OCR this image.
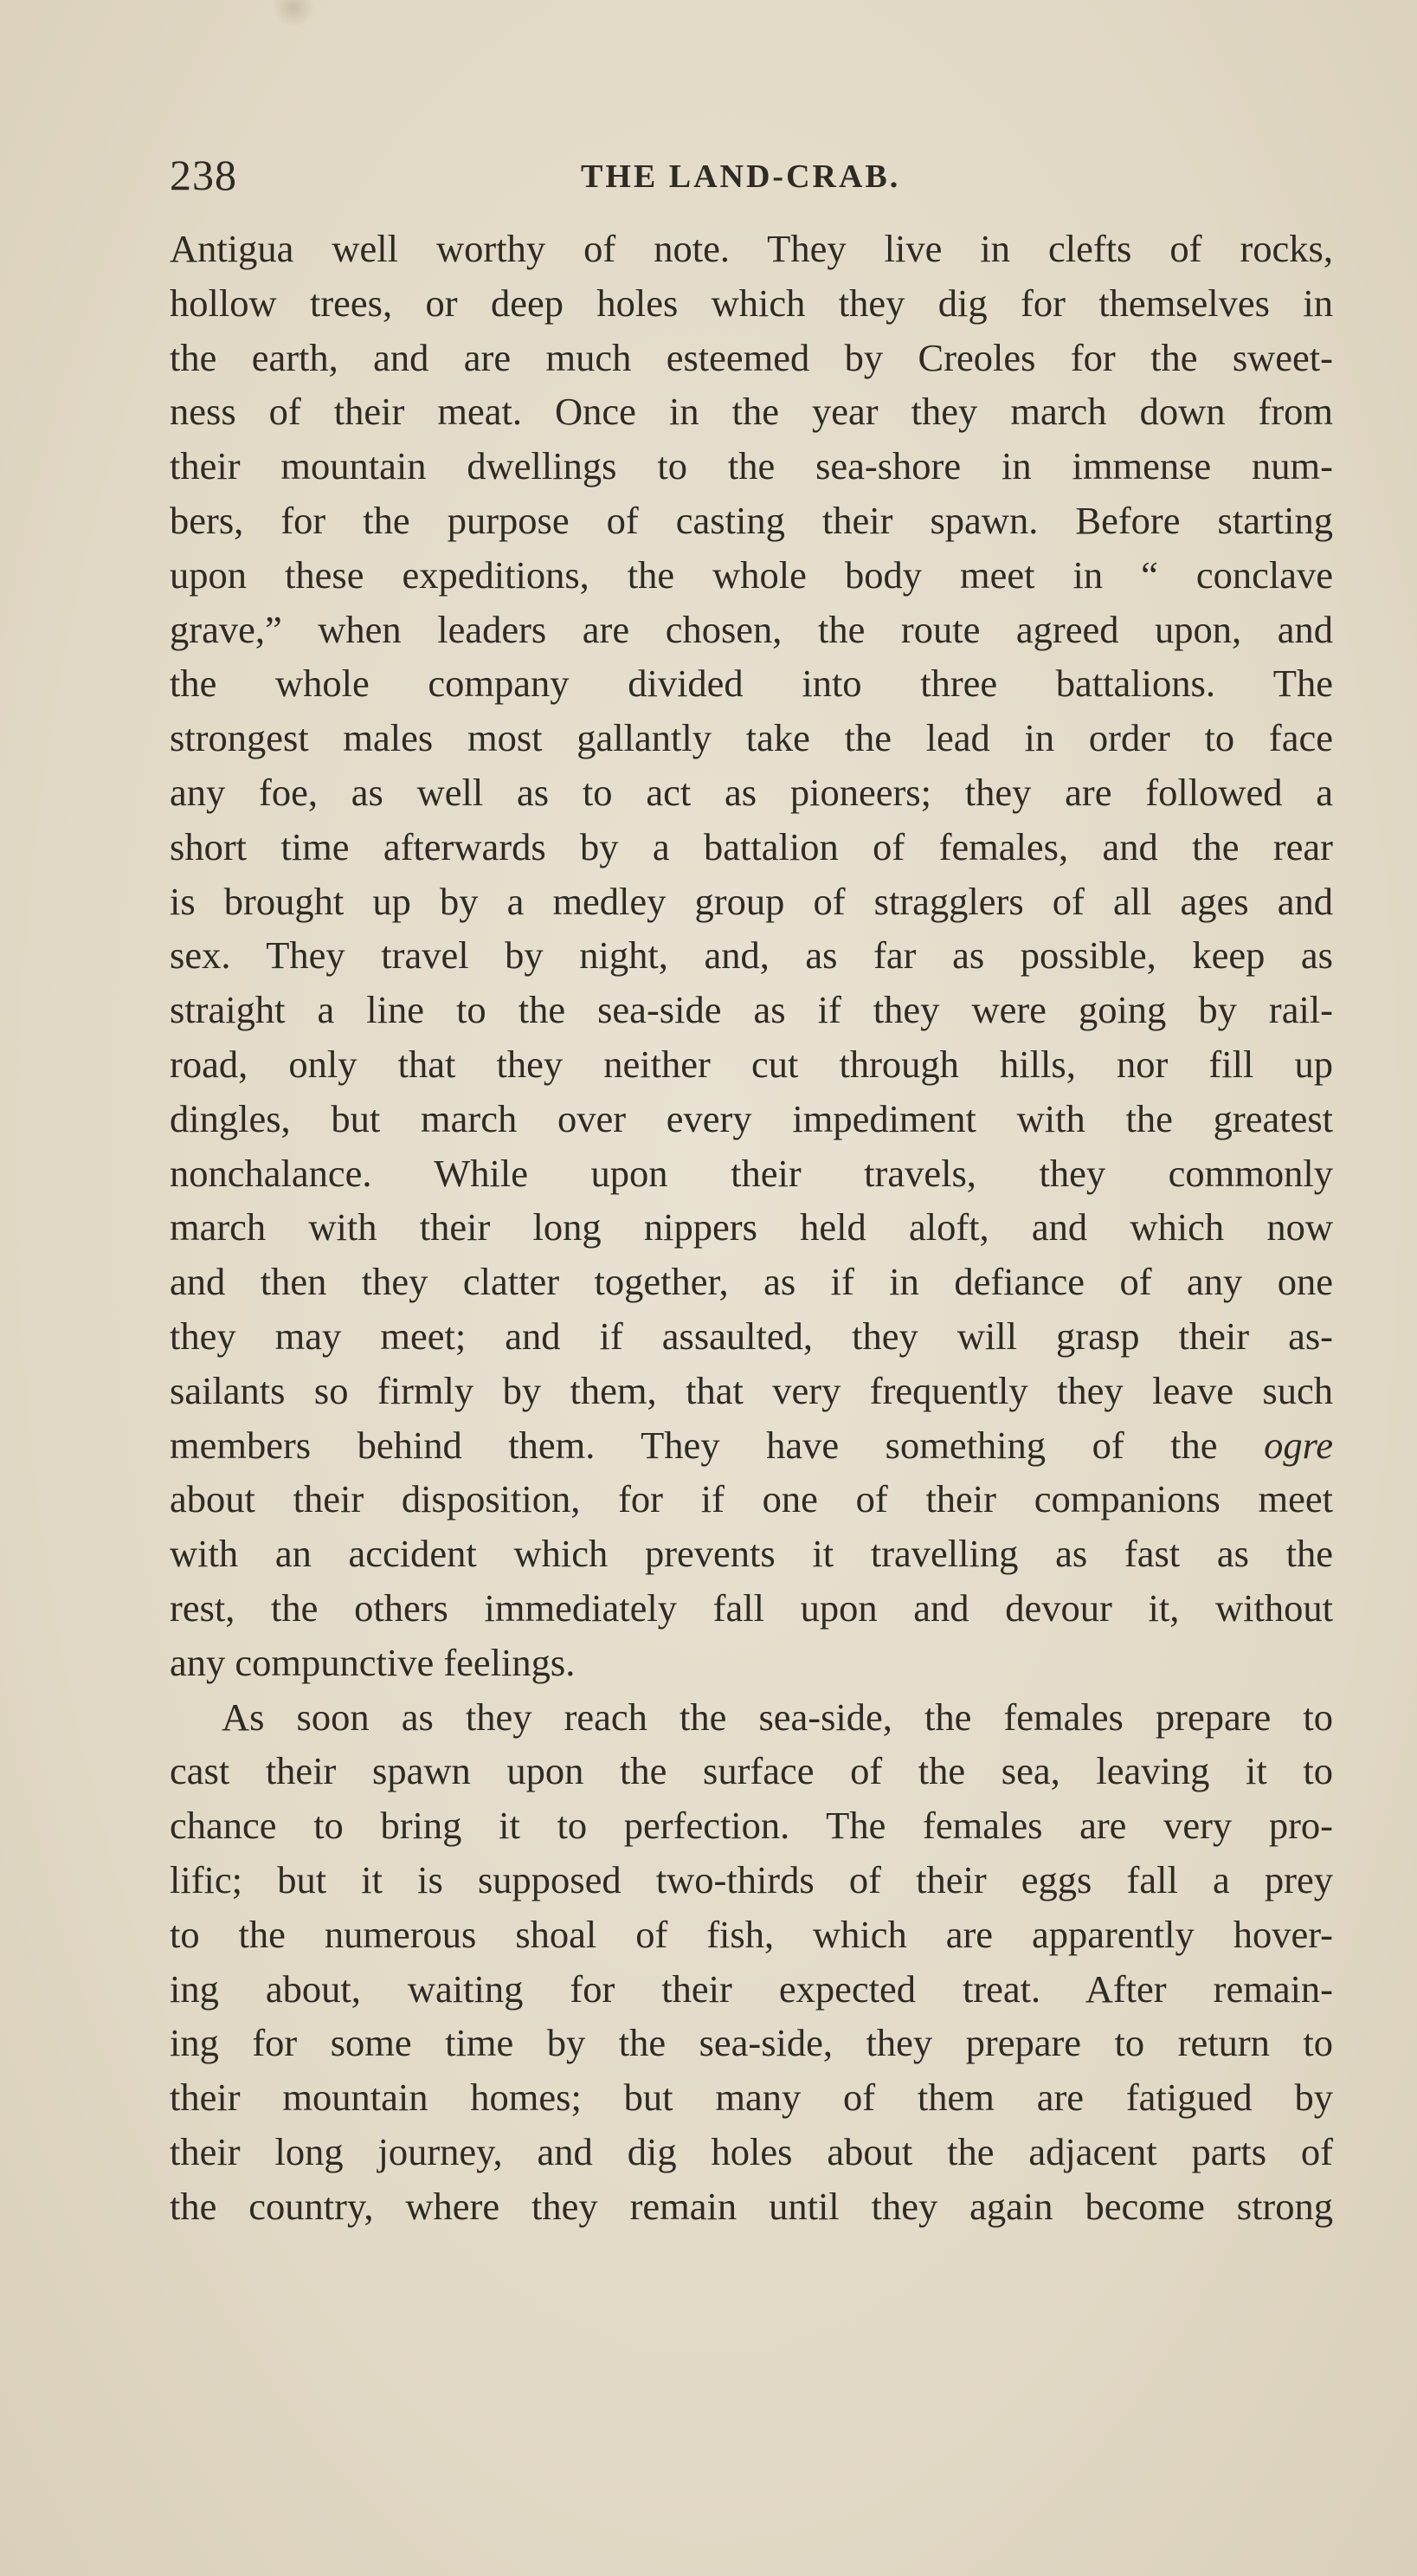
238	THE LAND-CRAB.
Antigua well worthy of note. They live in clefts of rocks,
hollow trees, or deep holes which they dig for themselves in
the earth, and are much esteemed by Creoles for the sweet-
ness of their meat. Once in the year they march down from
their mountain dwellings to the sea-shore in immense num-
bers, for the purpose of casting their spawn. Before starting
upon these expeditions, the whole body meet in “ conclave
grave,” when leaders are chosen, the route agreed upon, and
the whole company divided into three battalions. The
strongest males most gallantly take the lead in order to face
any foe, as well as to act as pioneers; they are followed a
short time afterwards by a battalion of females, and the rear
is brought up by a medley group of stragglers of all ages and
sex. They travel by night, and, as far as possible, keep as
straight a line to the sea-side as if they were going by rail-
road, only that they neither cut through hills, nor fill up
dingles, but march over every impediment with the greatest
nonchalance. While upon their travels, they commonly
march with their long nippers held aloft, and which now
and then they clatter together, as if in defiance of any one
they may meet; and if assaulted, they will grasp their as-
sailants so firmly by them, that very frequently they leave such
members behind them. They have something of the ogre
about their disposition, for if one of their companions meet
with an accident which prevents it travelling as fast as the
rest, the others immediately fall upon and devour it, without
any compunctive feelings.
As soon as they reach the sea-side, the females prepare to
cast their spawn upon the surface of the sea, leaving it to
chance to bring it to perfection. The females are very pro-
lific; but it is supposed two-thirds of their eggs fall a prey
to the numerous shoal of fish, which are apparently hover-
ing about, waiting for their expected treat. After remain-
ing for some time by the sea-side, they prepare to return to
their mountain homes; but many of them are fatigued by
their long journey, and dig holes about the adjacent parts of
the country, where they remain until they again become strong
